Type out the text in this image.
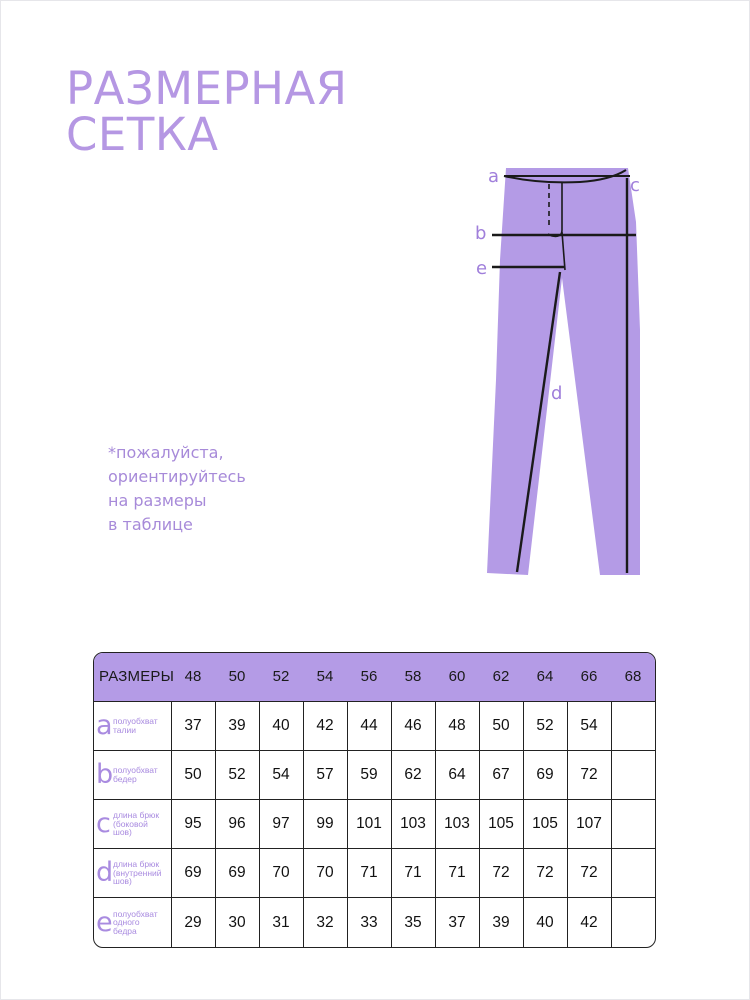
РАЗМЕРНАЯ
СЕТКА
*пожалуйста,
ориентируйтесь
на размеры
в таблице
a	c
b
e
d
РАЗМЕРЫ	48	50	52	54	56	58	60	62	64	66	68
a полуобхват
талии	37	39	40	42	44	46	48	50	52	54	
b полуобхват
бедер	50	52	54	57	59	62	64	67	69	72	
c длина брюк
(боковой
шов)	95	96	97	99	101	103	103	105	105	107	
d длина брюк
(внутренний
шов)	69	69	70	70	71	71	71	72	72	72	
e полуобхват
одного
бедра	29	30	31	32	33	35	37	39	40	42	
